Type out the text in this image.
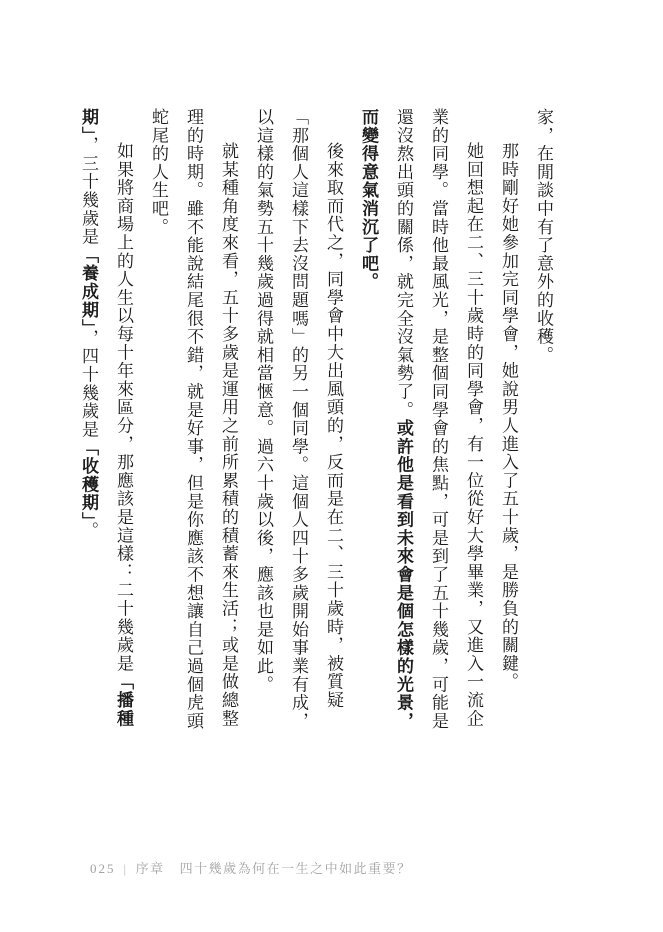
家，在閒談中有了意外的收穫。

那時剛好她參加完同學會，她說男人進入了五十歲，是勝負的關鍵。

她回想起在二、三十歲時的同學會，有一位從好大學畢業，又進入一流企業的同學。當時他最風光，是整個同學會的焦點，可是到了五十幾歲，可能是還沒熬出頭的關係，就完全沒氣勢了。或許他是看到未來會是個怎樣的光景，而變得意氣消沉了吧。

後來取而代之，同學會中大出風頭的，反而是在二、三十歲時，被質疑「那個人這樣下去沒問題嗎」的另一個同學。這個人四十多歲開始事業有成，以這樣的氣勢五十幾歲過得就相當愜意。過六十歲以後，應該也是如此。

就某種角度來看，五十多歲是運用之前所累積的積蓄來生活；或是做總整理的時期。雖不能說結尾很不錯，就是好事，但是你應該不想讓自己過個虎頭蛇尾的人生吧。

如果將商場上的人生以每十年來區分，那應該是這樣：二十幾歲是「播種期」，三十幾歲是「養成期」，四十幾歲是「收穫期」。

025 | 序章 四十幾歲為何在一生之中如此重要？
